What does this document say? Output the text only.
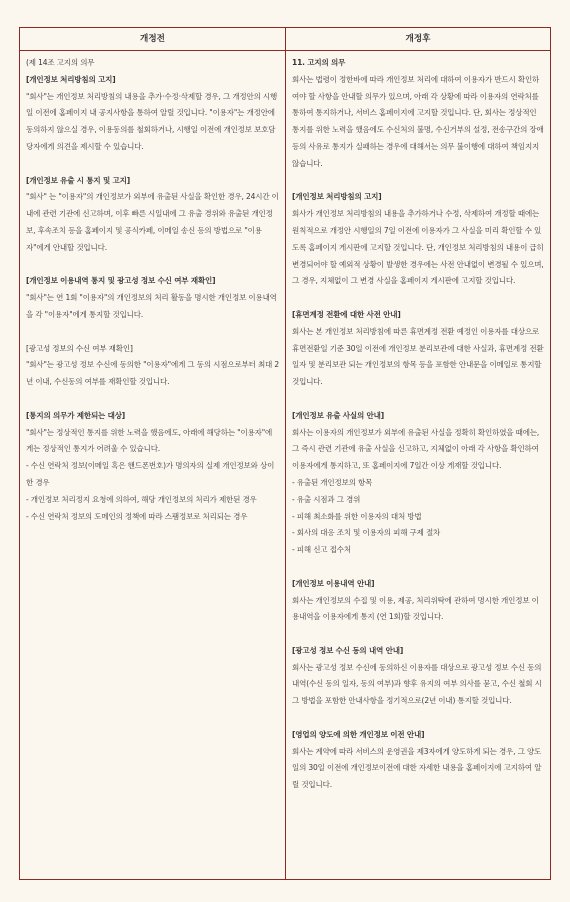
개정전	개정후
(제 14조 고지의 의무
[개인정보 처리방침의 고지]
"회사"는 개인정보 처리방침의 내용을 추가·수정·삭제할 경우, 그 개정안의 시행일 이전에 홈페이지 내 공지사항을 통하여 알릴 것입니다. "이용자"는 개정안에 동의하지 않으실 경우, 이용동의를 철회하거나, 시행일 이전에 개인정보 보호담당자에게 의견을 제시할 수 있습니다.
[개인정보 유출 시 통지 및 고지]
"회사" 는 "이용자"의 개인정보가 외부에 유출된 사실을 확인한 경우, 24시간 이내에 관련 기관에 신고하며, 이후 빠른 시일내에 그 유출 경위와 유출된 개인정보, 후속조치 등을 홈페이지 및 공식카페, 이메일 송신 등의 방법으로 "이용자"에게 안내할 것입니다.
[개인정보 이용내역 통지 및 광고성 정보 수신 여부 재확인]
"회사"는 연 1회 "이용자"의 개인정보의 처리 활동을 명시한 개인정보 이용내역을 각 "이용자"에게 통지할 것입니다.
[광고성 정보의 수신 여부 재확인]
"회사"는 광고성 정보 수신에 동의한 "이용자"에게 그 동의 시점으로부터 최대 2년 이내, 수신동의 여부를 재확인할 것입니다.
[통지의 의무가 제한되는 대상]
"회사"는 정상적인 통지를 위한 노력을 했음에도, 아래에 해당하는 "이용자"에게는 정상적인 통지가 어려울 수 있습니다.
- 수신 연락처 정보(이메일 혹은 핸드폰번호)가 명의자의 실제 개인정보와 상이한 경우
- 개인정보 처리정지 요청에 의하여, 해당 개인정보의 처리가 제한된 경우
- 수신 연락처 정보의 도메인의 정책에 따라 스팸정보로 처리되는 경우
11. 고지의 의무
회사는 법령이 정한바에 따라 개인정보 처리에 대하여 이용자가 반드시 확인하여야 할 사항을 안내할 의무가 있으며, 아래 각 상황에 따라 이용자의 연락처를 통하여 통지하거나, 서비스 홈페이지에 고지할 것입니다. 단, 회사는 정상적인 통지를 위한 노력을 했음에도 수신처의 불명, 수신거부의 설정, 전송구간의 장애 등의 사유로 통지가 실패하는 경우에 대해서는 의무 불이행에 대하여 책임지지 않습니다.
[개인정보 처리방침의 고지]
회사가 개인정보 처리방침의 내용을 추가하거나 수정, 삭제하여 개정할 때에는 원칙적으로 개정안 시행일의 7일 이전에 이용자가 그 사실을 미리 확인할 수 있도록 홈페이지 게시판에 고지할 것입니다. 단, 개인정보 처리방침의 내용이 급히 변경되어야 할 예외적 상황이 발생한 경우에는 사전 안내없이 변경될 수 있으며, 그 경우, 지체없이 그 변경 사실을 홈페이지 게시판에 고지할 것입니다.
[휴면계정 전환에 대한 사전 안내]
회사는 본 개인정보 처리방침에 따른 휴면계정 전환 예정인 이용자를 대상으로 휴면전환일 기준 30일 이전에 개인정보 분리보관에 대한 사실과, 휴면계정 전환일자 및 분리보관 되는 개인정보의 항목 등을 포함한 안내문을 이메일로 통지할 것입니다.
[개인정보 유출 사실의 안내]
회사는 이용자의 개인정보가 외부에 유출된 사실을 정확히 확인하였을 때에는, 그 즉시 관련 기관에 유출 사실을 신고하고, 지체없이 아래 각 사항을 확인하여 이용자에게 통지하고, 또 홈페이지에 7일간 이상 게재할 것입니다.
- 유출된 개인정보의 항목
- 유출 시점과 그 경위
- 피해 최소화를 위한 이용자의 대처 방법
- 회사의 대응 조치 및 이용자의 피해 구제 절차
- 피해 신고 접수처
[개인정보 이용내역 안내]
회사는 개인정보의 수집 및 이용, 제공, 처리위탁에 관하여 명시한 개인정보 이용내역을 이용자에게 통지 (연 1회)할 것입니다.
[광고성 정보 수신 동의 내역 안내]
회사는 광고성 정보 수신에 동의하신 이용자를 대상으로 광고성 정보 수신 동의 내역(수신 동의 일자, 동의 여부)과 향후 유지의 여부 의사를 묻고, 수신 철회 시 그 방법을 포함한 안내사항을 정기적으로(2년 이내) 통지할 것입니다.
[영업의 양도에 의한 개인정보 이전 안내]
회사는 계약에 따라 서비스의 운영권을 제3자에게 양도하게 되는 경우, 그 양도일의 30일 이전에 개인정보이전에 대한 자세한 내용을 홈페이지에 고지하여 알릴 것입니다.
